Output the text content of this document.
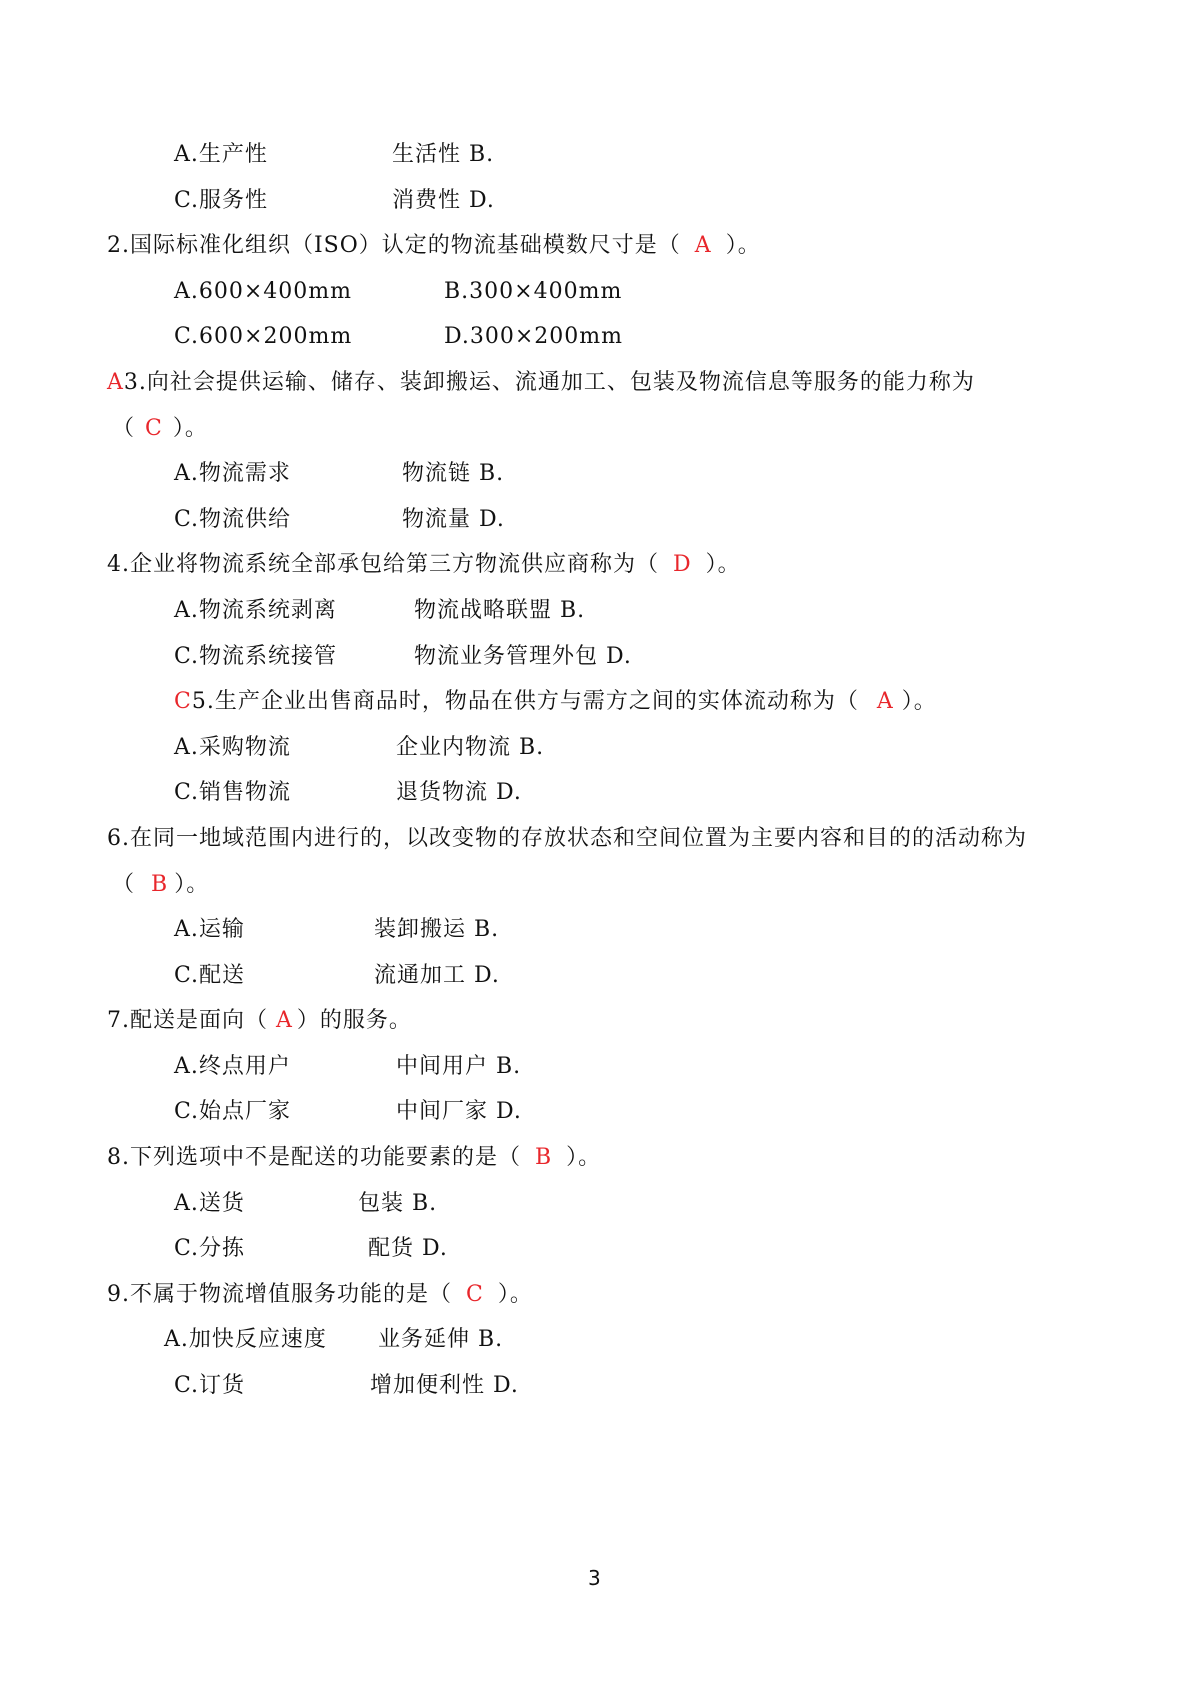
A.生产性	生活性 B.
C.服务性	消费性 D.
2.国际标准化组织（ISO）认定的物流基础模数尺寸是（ A ）。
A.600×400mm	B.300×400mm
C.600×200mm	D.300×200mm
A3.向社会提供运输、储存、装卸搬运、流通加工、包装及物流信息等服务的能力称为
（ C ）。
A.物流需求	物流链 B.
C.物流供给	物流量 D.
4.企业将物流系统全部承包给第三方物流供应商称为（ D ）。
A.物流系统剥离	物流战略联盟 B.
C.物流系统接管	物流业务管理外包 D.
C5.生产企业出售商品时，物品在供方与需方之间的实体流动称为（ A ）。
A.采购物流	企业内物流 B.
C.销售物流	退货物流 D.
6.在同一地域范围内进行的，以改变物的存放状态和空间位置为主要内容和目的的活动称为
（ B ）。
A.运输	装卸搬运 B.
C.配送	流通加工 D.
7.配送是面向（ A ）的服务。
A.终点用户	中间用户 B.
C.始点厂家	中间厂家 D.
8.下列选项中不是配送的功能要素的是（ B ）。
A.送货	包装 B.
C.分拣	配货 D.
9.不属于物流增值服务功能的是（ C ）。
A.加快反应速度 业务延伸 B.
C.订货	增加便利性 D.
3
